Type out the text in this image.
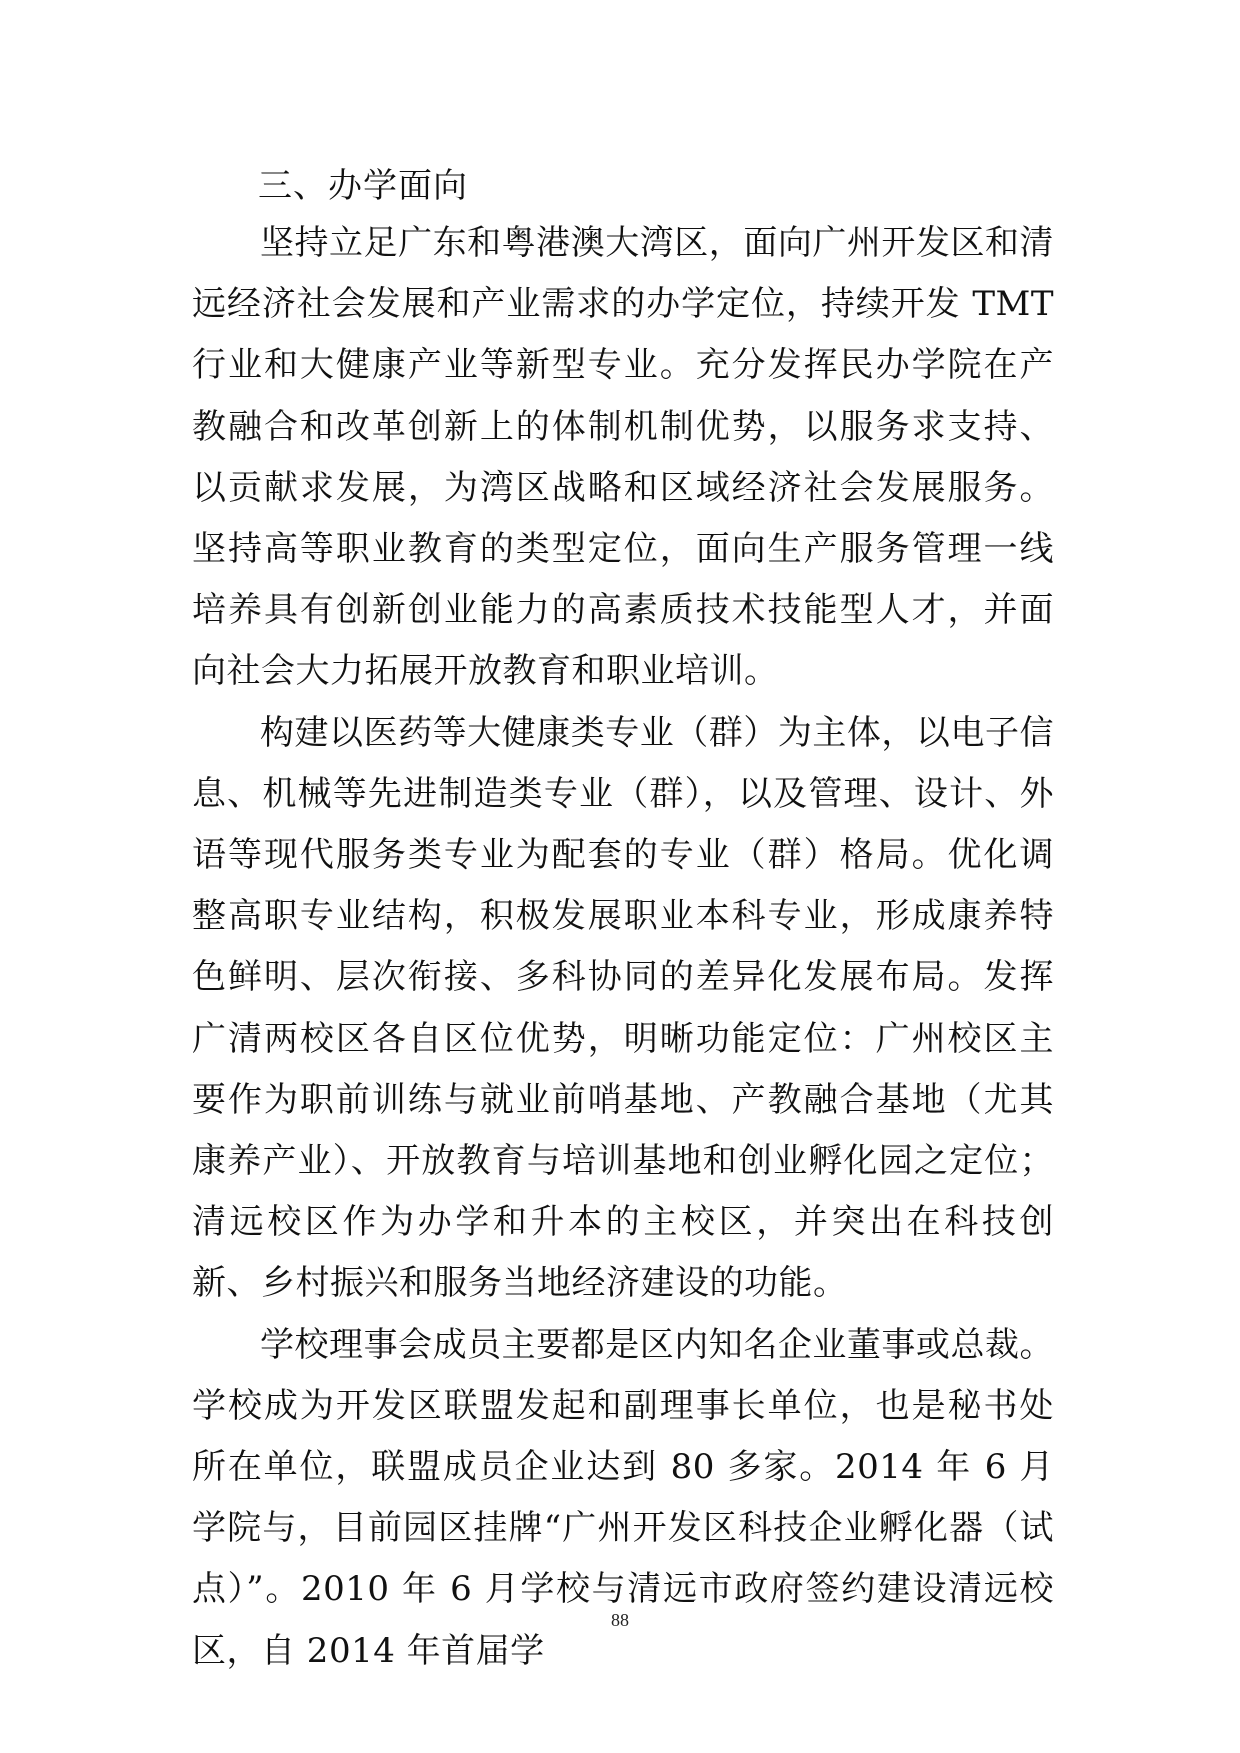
三、办学面向

坚持立足广东和粤港澳大湾区，面向广州开发区和清远经济社会发展和产业需求的办学定位，持续开发 TMT 行业和大健康产业等新型专业。充分发挥民办学院在产教融合和改革创新上的体制机制优势，以服务求支持、以贡献求发展，为湾区战略和区域经济社会发展服务。坚持高等职业教育的类型定位，面向生产服务管理一线培养具有创新创业能力的高素质技术技能型人才，并面向社会大力拓展开放教育和职业培训。

构建以医药等大健康类专业（群）为主体，以电子信息、机械等先进制造类专业（群），以及管理、设计、外语等现代服务类专业为配套的专业（群）格局。优化调整高职专业结构，积极发展职业本科专业，形成康养特色鲜明、层次衔接、多科协同的差异化发展布局。发挥广清两校区各自区位优势，明晰功能定位：广州校区主要作为职前训练与就业前哨基地、产教融合基地（尤其康养产业）、开放教育与培训基地和创业孵化园之定位；清远校区作为办学和升本的主校区，并突出在科技创新、乡村振兴和服务当地经济建设的功能。

学校理事会成员主要都是区内知名企业董事或总裁。学校成为开发区联盟发起和副理事长单位，也是秘书处所在单位，联盟成员企业达到 80 多家。2014 年 6 月学院与，目前园区挂牌“广州开发区科技企业孵化器（试点）”。2010 年 6 月学校与清远市政府签约建设清远校区，自 2014 年首届学

88
